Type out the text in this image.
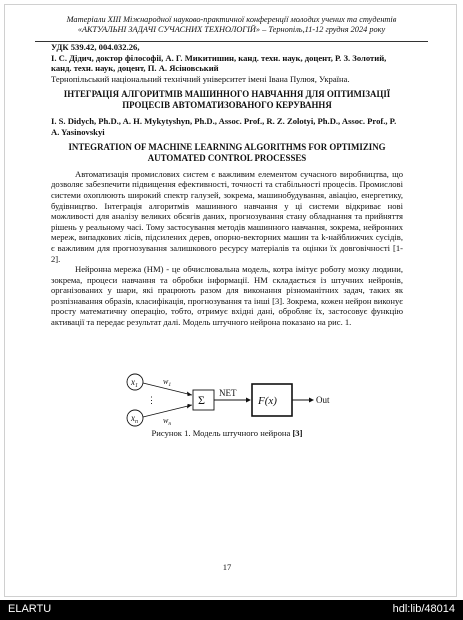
Матеріали XIII Міжнародної науково-практичної конференції молодих учених та студентів
«АКТУАЛЬНІ ЗАДАЧІ СУЧАСНИХ ТЕХНОЛОГІЙ» – Тернопіль,11-12 грудня 2024 року

УДК 539.42, 004.032.26,

І. С. Дідич, доктор філософії, А. Г. Микитишин, канд. техн. наук, доцент, Р. З. Золотий, канд. техн. наук, доцент, П. А. Ясіновський

Тернопільський національний технічний університет імені Івана Пулюя, Україна.

ІНТЕГРАЦІЯ АЛГОРИТМІВ МАШИННОГО НАВЧАННЯ ДЛЯ ОПТИМІЗАЦІЇ ПРОЦЕСІВ АВТОМАТИЗОВАНОГО КЕРУВАННЯ

I. S. Didych, Ph.D., A. H. Mykytyshyn, Ph.D., Assoc. Prof., R. Z. Zolotyi, Ph.D., Assoc. Prof., P. A. Yasinovskyi

INTEGRATION OF MACHINE LEARNING ALGORITHMS FOR OPTIMIZING AUTOMATED CONTROL PROCESSES

Автоматизація промислових систем є важливим елементом сучасного виробництва, що дозволяє забезпечити підвищення ефективності, точності та стабільності процесів. Промислові системи охоплюють широкий спектр галузей, зокрема, машинобудування, авіацію, енергетику, будівництво. Інтеграція алгоритмів машинного навчання у ці системи відкриває нові можливості для аналізу великих обсягів даних, прогнозування стану обладнання та прийняття рішень у реальному часі. Тому застосування методів машинного навчання, зокрема, нейронних мереж, випадкових лісів, підсилених дерев, опорно-векторних машин та k-найближчих сусідів, є важливим для прогнозування залишкового ресурсу матеріалів та оцінки їх довговічності [1-2].

Нейронна мережа (НМ) - це обчислювальна модель, котра імітує роботу мозку людини, зокрема, процеси навчання та обробки інформації. НМ складається із штучних нейронів, організованих у шари, які працюють разом для виконання різноманітних задач, таких як розпізнавання образів, класифікація, прогнозування та інші [3]. Зокрема, кожен нейрон виконує просту математичну операцію, тобто, отримує вхідні дані, обробляє їх, застосовує функцію активації та передає результат далі. Модель штучного нейрона показано на рис. 1.

$x_1$
$x_n$
⋮
$w_1$
$w_n$
Σ NET
F(x)	Out
Рисунок 1. Модель штучного нейрона [3]
17
ELARTU	hdl:lib/48014
